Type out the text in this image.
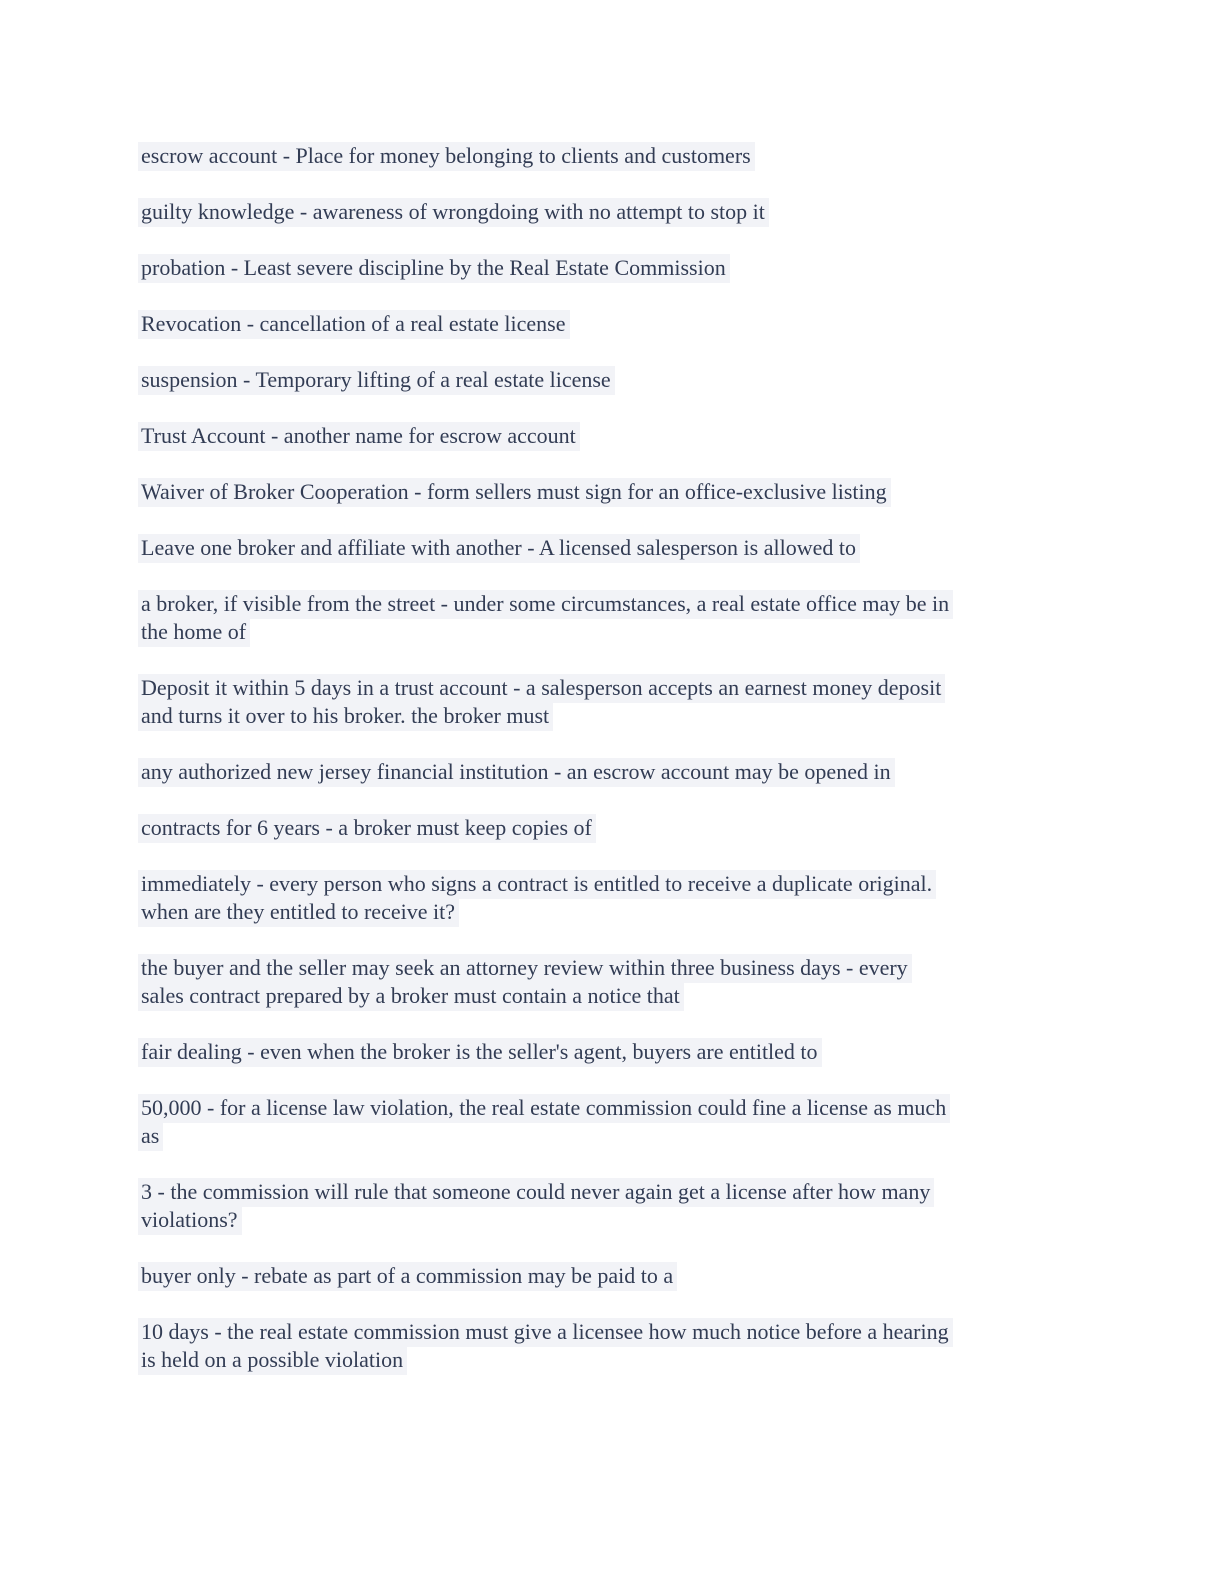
escrow account - Place for money belonging to clients and customers
guilty knowledge - awareness of wrongdoing with no attempt to stop it
probation - Least severe discipline by the Real Estate Commission
Revocation - cancellation of a real estate license
suspension - Temporary lifting of a real estate license
Trust Account - another name for escrow account
Waiver of Broker Cooperation - form sellers must sign for an office-exclusive listing
Leave one broker and affiliate with another - A licensed salesperson is allowed to
a broker, if visible from the street - under some circumstances, a real estate office may be in
the home of
Deposit it within 5 days in a trust account - a salesperson accepts an earnest money deposit
and turns it over to his broker. the broker must
any authorized new jersey financial institution - an escrow account may be opened in
contracts for 6 years - a broker must keep copies of
immediately - every person who signs a contract is entitled to receive a duplicate original.
when are they entitled to receive it?
the buyer and the seller may seek an attorney review within three business days - every
sales contract prepared by a broker must contain a notice that
fair dealing - even when the broker is the seller's agent, buyers are entitled to
50,000 - for a license law violation, the real estate commission could fine a license as much
as
3 - the commission will rule that someone could never again get a license after how many
violations?
buyer only - rebate as part of a commission may be paid to a
10 days - the real estate commission must give a licensee how much notice before a hearing
is held on a possible violation
